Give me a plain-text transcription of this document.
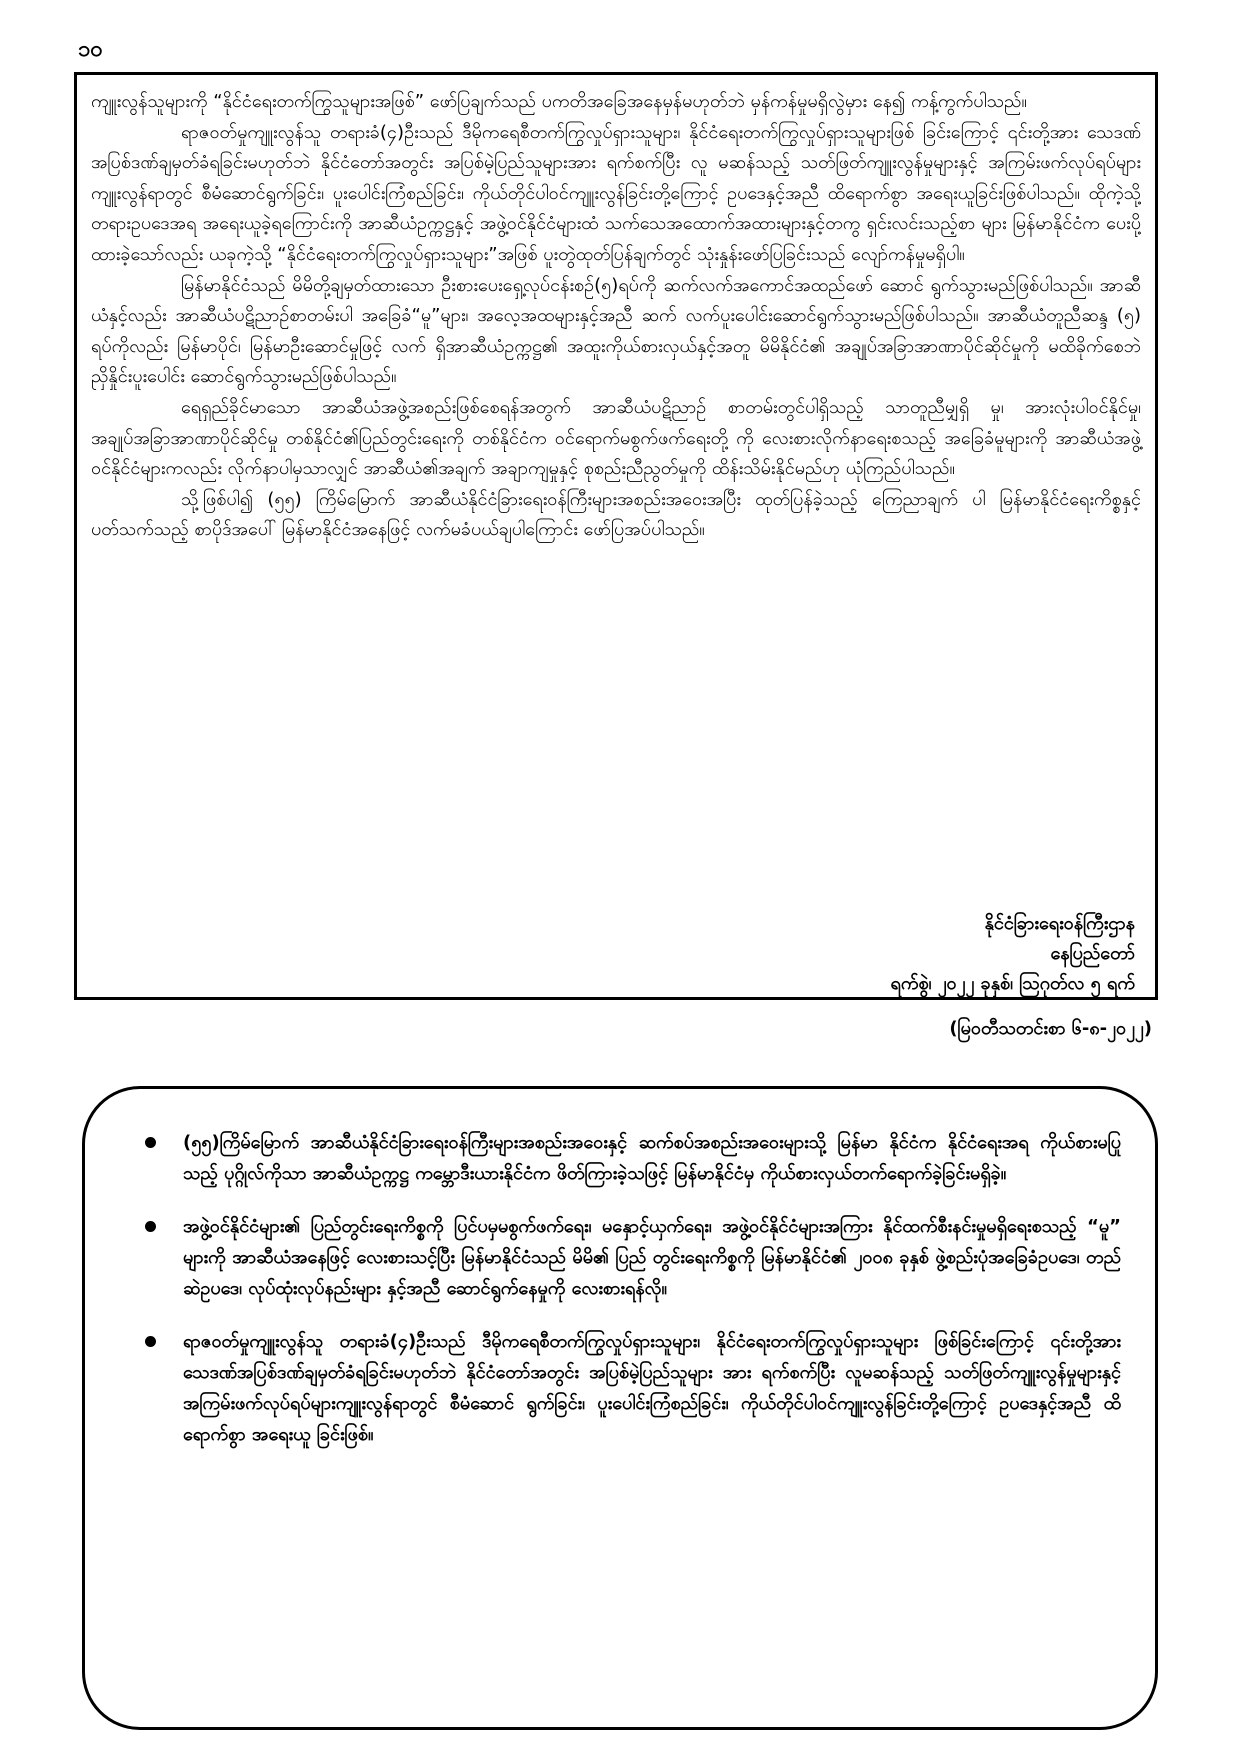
၁၀

ကျူးလွန်သူများကို “နိုင်ငံရေးတက်ကြွသူများအဖြစ်” ဖော်ပြချက်သည် ပကတိအခြေအနေမှန်မဟုတ်ဘဲ မှန်ကန်မှုမရှိလွဲမှား နေ၍ ကန့်ကွက်ပါသည်။

ရာဇဝတ်မှုကျူးလွန်သူ တရားခံ(၄)ဦးသည် ဒီမိုကရေစီတက်ကြွလှုပ်ရှားသူများ၊ နိုင်ငံရေးတက်ကြွလှုပ်ရှားသူများဖြစ် ခြင်းကြောင့် ၎င်းတို့အား သေဒဏ်အပြစ်ဒဏ်ချမှတ်ခံရခြင်းမဟုတ်ဘဲ နိုင်ငံတော်အတွင်း အပြစ်မဲ့ပြည်သူများအား ရက်စက်ပြီး လူ မဆန်သည့် သတ်ဖြတ်ကျူးလွန်မှုများနှင့် အကြမ်းဖက်လုပ်ရပ်များကျူးလွန်ရာတွင် စီမံဆောင်ရွက်ခြင်း၊ ပူးပေါင်းကြံစည်ခြင်း၊ ကိုယ်တိုင်ပါဝင်ကျူးလွန်ခြင်းတို့ကြောင့် ဥပဒေနှင့်အညီ ထိရောက်စွာ အရေးယူခြင်းဖြစ်ပါသည်။ ထိုကဲ့သို့ တရားဥပဒေအရ အရေးယူခဲ့ရကြောင်းကို အာဆီယံဥက္ကဋ္ဌနှင့် အဖွဲ့ဝင်နိုင်ငံများထံ သက်သေအထောက်အထားများနှင့်တကွ ရှင်းလင်းသည့်စာ များ မြန်မာနိုင်ငံက ပေးပို့ထားခဲ့သော်လည်း ယခုကဲ့သို့ “နိုင်ငံရေးတက်ကြွလှုပ်ရှားသူများ”အဖြစ် ပူးတွဲထုတ်ပြန်ချက်တွင် သုံးနှုန်းဖော်ပြခြင်းသည် လျော်ကန်မှုမရှိပါ။

မြန်မာနိုင်ငံသည် မိမိတို့ချမှတ်ထားသော ဦးစားပေးရှေ့လုပ်ငန်းစဉ်(၅)ရပ်ကို ဆက်လက်အကောင်အထည်ဖော် ဆောင် ရွက်သွားမည်ဖြစ်ပါသည်။ အာဆီယံနှင့်လည်း အာဆီယံပဋိညာဉ်စာတမ်းပါ အခြေခံ“မူ”များ၊ အလေ့အထများနှင့်အညီ ဆက် လက်ပူးပေါင်းဆောင်ရွက်သွားမည်ဖြစ်ပါသည်။ အာဆီယံတူညီဆန္ဒ (၅) ရပ်ကိုလည်း မြန်မာပိုင်၊ မြန်မာဦးဆောင်မှုဖြင့် လက် ရှိအာဆီယံဥက္ကဋ္ဌ၏ အထူးကိုယ်စားလှယ်နှင့်အတူ မိမိနိုင်ငံ၏ အချုပ်အခြာအာဏာပိုင်ဆိုင်မှုကို မထိခိုက်စေဘဲ ညှိနှိုင်းပူးပေါင်း ဆောင်ရွက်သွားမည်ဖြစ်ပါသည်။

ရေရှည်ခိုင်မာသော အာဆီယံအဖွဲ့အစည်းဖြစ်စေရန်အတွက် အာဆီယံပဋိညာဉ် စာတမ်းတွင်ပါရှိသည့် သာတူညီမျှရှိ မှု၊ အားလုံးပါဝင်နိုင်မှု၊ အချုပ်အခြာအာဏာပိုင်ဆိုင်မှု တစ်နိုင်ငံ၏ပြည်တွင်းရေးကို တစ်နိုင်ငံက ဝင်ရောက်မစွက်ဖက်ရေးတို့ ကို လေးစားလိုက်နာရေးစသည့် အခြေခံမူများကို အာဆီယံအဖွဲ့ဝင်နိုင်ငံများကလည်း လိုက်နာပါမှသာလျှင် အာဆီယံ၏အချက် အချာကျမှုနှင့် စုစည်းညီညွတ်မှုကို ထိန်းသိမ်းနိုင်မည်ဟု ယုံကြည်ပါသည်။

သို့ဖြစ်ပါ၍ (၅၅) ကြိမ်မြောက် အာဆီယံနိုင်ငံခြားရေးဝန်ကြီးများအစည်းအဝေးအပြီး ထုတ်ပြန်ခဲ့သည့် ကြေညာချက် ပါ မြန်မာနိုင်ငံရေးကိစ္စနှင့်ပတ်သက်သည့် စာပိုဒ်အပေါ် မြန်မာနိုင်ငံအနေဖြင့် လက်မခံပယ်ချပါကြောင်း ဖော်ပြအပ်ပါသည်။

နိုင်ငံခြားရေးဝန်ကြီးဌာန
နေပြည်တော်
ရက်စွဲ၊ ၂၀၂၂ ခုနှစ်၊ ဩဂုတ်လ ၅ ရက်
(မြဝတီသတင်းစာ ၆-၈-၂၀၂၂)
(၅၅)ကြိမ်မြောက် အာဆီယံနိုင်ငံခြားရေးဝန်ကြီးများအစည်းအဝေးနှင့် ဆက်စပ်အစည်းအဝေးများသို့ မြန်မာ နိုင်ငံက နိုင်ငံရေးအရ ကိုယ်စားမပြုသည့် ပုဂ္ဂိုလ်ကိုသာ အာဆီယံဥက္ကဋ္ဌ ကမ္ဘောဒီးယားနိုင်ငံက ဖိတ်ကြားခဲ့သဖြင့် မြန်မာနိုင်ငံမှ ကိုယ်စားလှယ်တက်ရောက်ခဲ့ခြင်းမရှိခဲ့။
အဖွဲ့ဝင်နိုင်ငံများ၏ ပြည်တွင်းရေးကိစ္စကို ပြင်ပမှမစွက်ဖက်ရေး၊ မနှောင့်ယှက်ရေး၊ အဖွဲ့ဝင်နိုင်ငံများအကြား နိုင်ထက်စီးနင်းမှုမရှိရေးစသည့် “မူ” များကို အာဆီယံအနေဖြင့် လေးစားသင့်ပြီး မြန်မာနိုင်ငံသည် မိမိ၏ ပြည် တွင်းရေးကိစ္စကို မြန်မာနိုင်ငံ၏ ၂၀၀၈ ခုနှစ် ဖွဲ့စည်းပုံအခြေခံဥပဒေ၊ တည်ဆဲဥပဒေ၊ လုပ်ထုံးလုပ်နည်းများ နှင့်အညီ ဆောင်ရွက်နေမှုကို လေးစားရန်လို။
ရာဇဝတ်မှုကျူးလွန်သူ တရားခံ(၄)ဦးသည် ဒီမိုကရေစီတက်ကြွလှုပ်ရှားသူများ၊ နိုင်ငံရေးတက်ကြွလှုပ်ရှားသူများ ဖြစ်ခြင်းကြောင့် ၎င်းတို့အား သေဒဏ်အပြစ်ဒဏ်ချမှတ်ခံရခြင်းမဟုတ်ဘဲ နိုင်ငံတော်အတွင်း အပြစ်မဲ့ပြည်သူများ အား ရက်စက်ပြီး လူမဆန်သည့် သတ်ဖြတ်ကျူးလွန်မှုများနှင့် အကြမ်းဖက်လုပ်ရပ်များကျူးလွန်ရာတွင် စီမံဆောင် ရွက်ခြင်း၊ ပူးပေါင်းကြံစည်ခြင်း၊ ကိုယ်တိုင်ပါဝင်ကျူးလွန်ခြင်းတို့ကြောင့် ဥပဒေနှင့်အညီ ထိရောက်စွာ အရေးယူ ခြင်းဖြစ်။
